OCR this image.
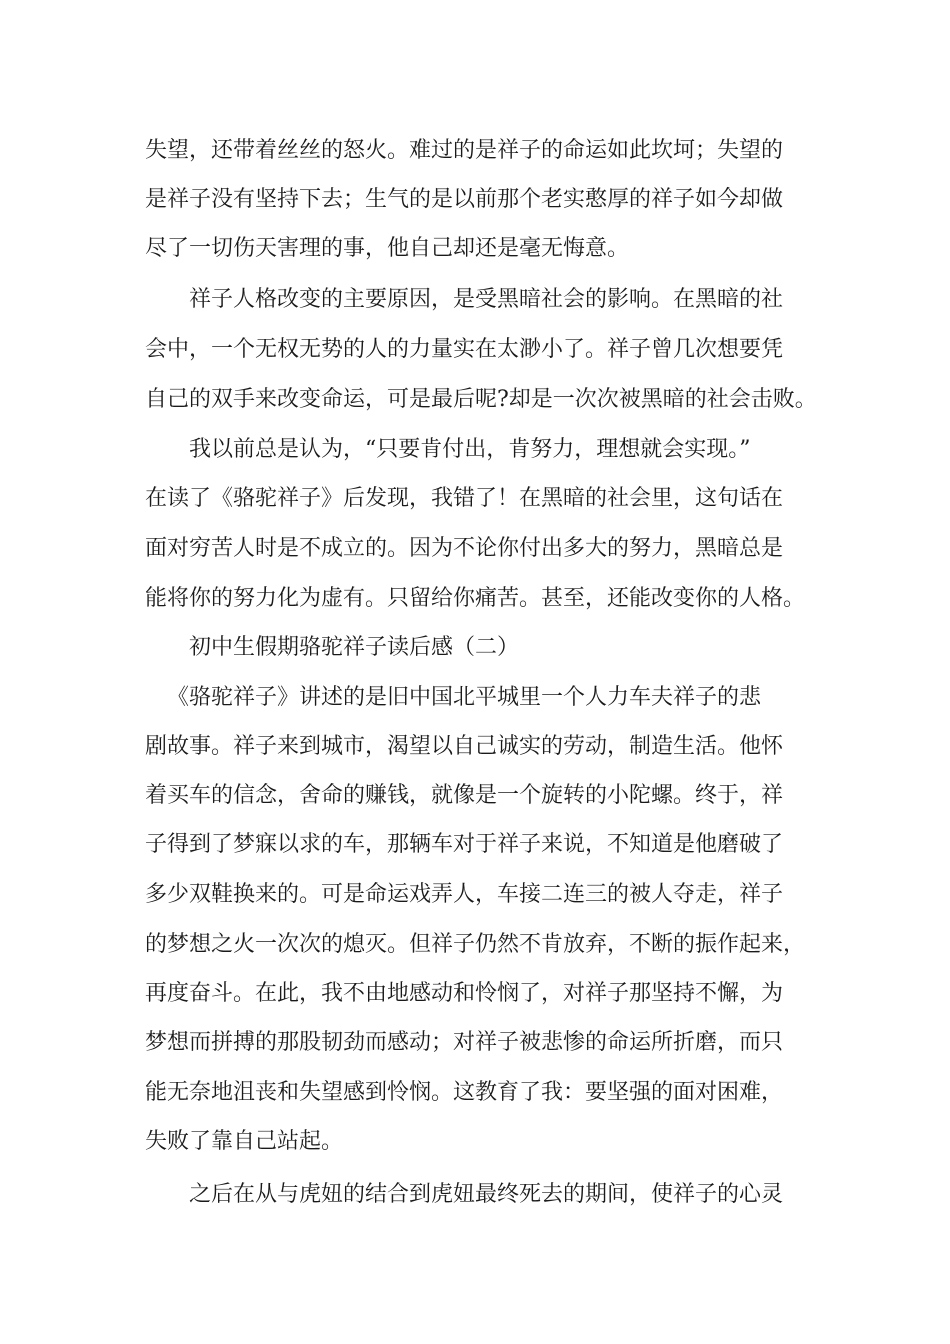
失望，还带着丝丝的怒火。难过的是祥子的命运如此坎坷；失望的
是祥子没有坚持下去；生气的是以前那个老实憨厚的祥子如今却做
尽了一切伤天害理的事，他自己却还是毫无悔意。
祥子人格改变的主要原因，是受黑暗社会的影响。在黑暗的社
会中，一个无权无势的人的力量实在太渺小了。祥子曾几次想要凭
自己的双手来改变命运，可是最后呢?却是一次次被黑暗的社会击败。
我以前总是认为，“只要肯付出，肯努力，理想就会实现。”
在读了《骆驼祥子》后发现，我错了！在黑暗的社会里，这句话在
面对穷苦人时是不成立的。因为不论你付出多大的努力，黑暗总是
能将你的努力化为虚有。只留给你痛苦。甚至，还能改变你的人格。
初中生假期骆驼祥子读后感（二）
《骆驼祥子》讲述的是旧中国北平城里一个人力车夫祥子的悲
剧故事。祥子来到城市，渴望以自己诚实的劳动，制造生活。他怀
着买车的信念，舍命的赚钱，就像是一个旋转的小陀螺。终于，祥
子得到了梦寐以求的车，那辆车对于祥子来说，不知道是他磨破了
多少双鞋换来的。可是命运戏弄人，车接二连三的被人夺走，祥子
的梦想之火一次次的熄灭。但祥子仍然不肯放弃，不断的振作起来，
再度奋斗。在此，我不由地感动和怜悯了，对祥子那坚持不懈，为
梦想而拼搏的那股韧劲而感动；对祥子被悲惨的命运所折磨，而只
能无奈地沮丧和失望感到怜悯。这教育了我：要坚强的面对困难，
失败了靠自己站起。
之后在从与虎妞的结合到虎妞最终死去的期间，使祥子的心灵
